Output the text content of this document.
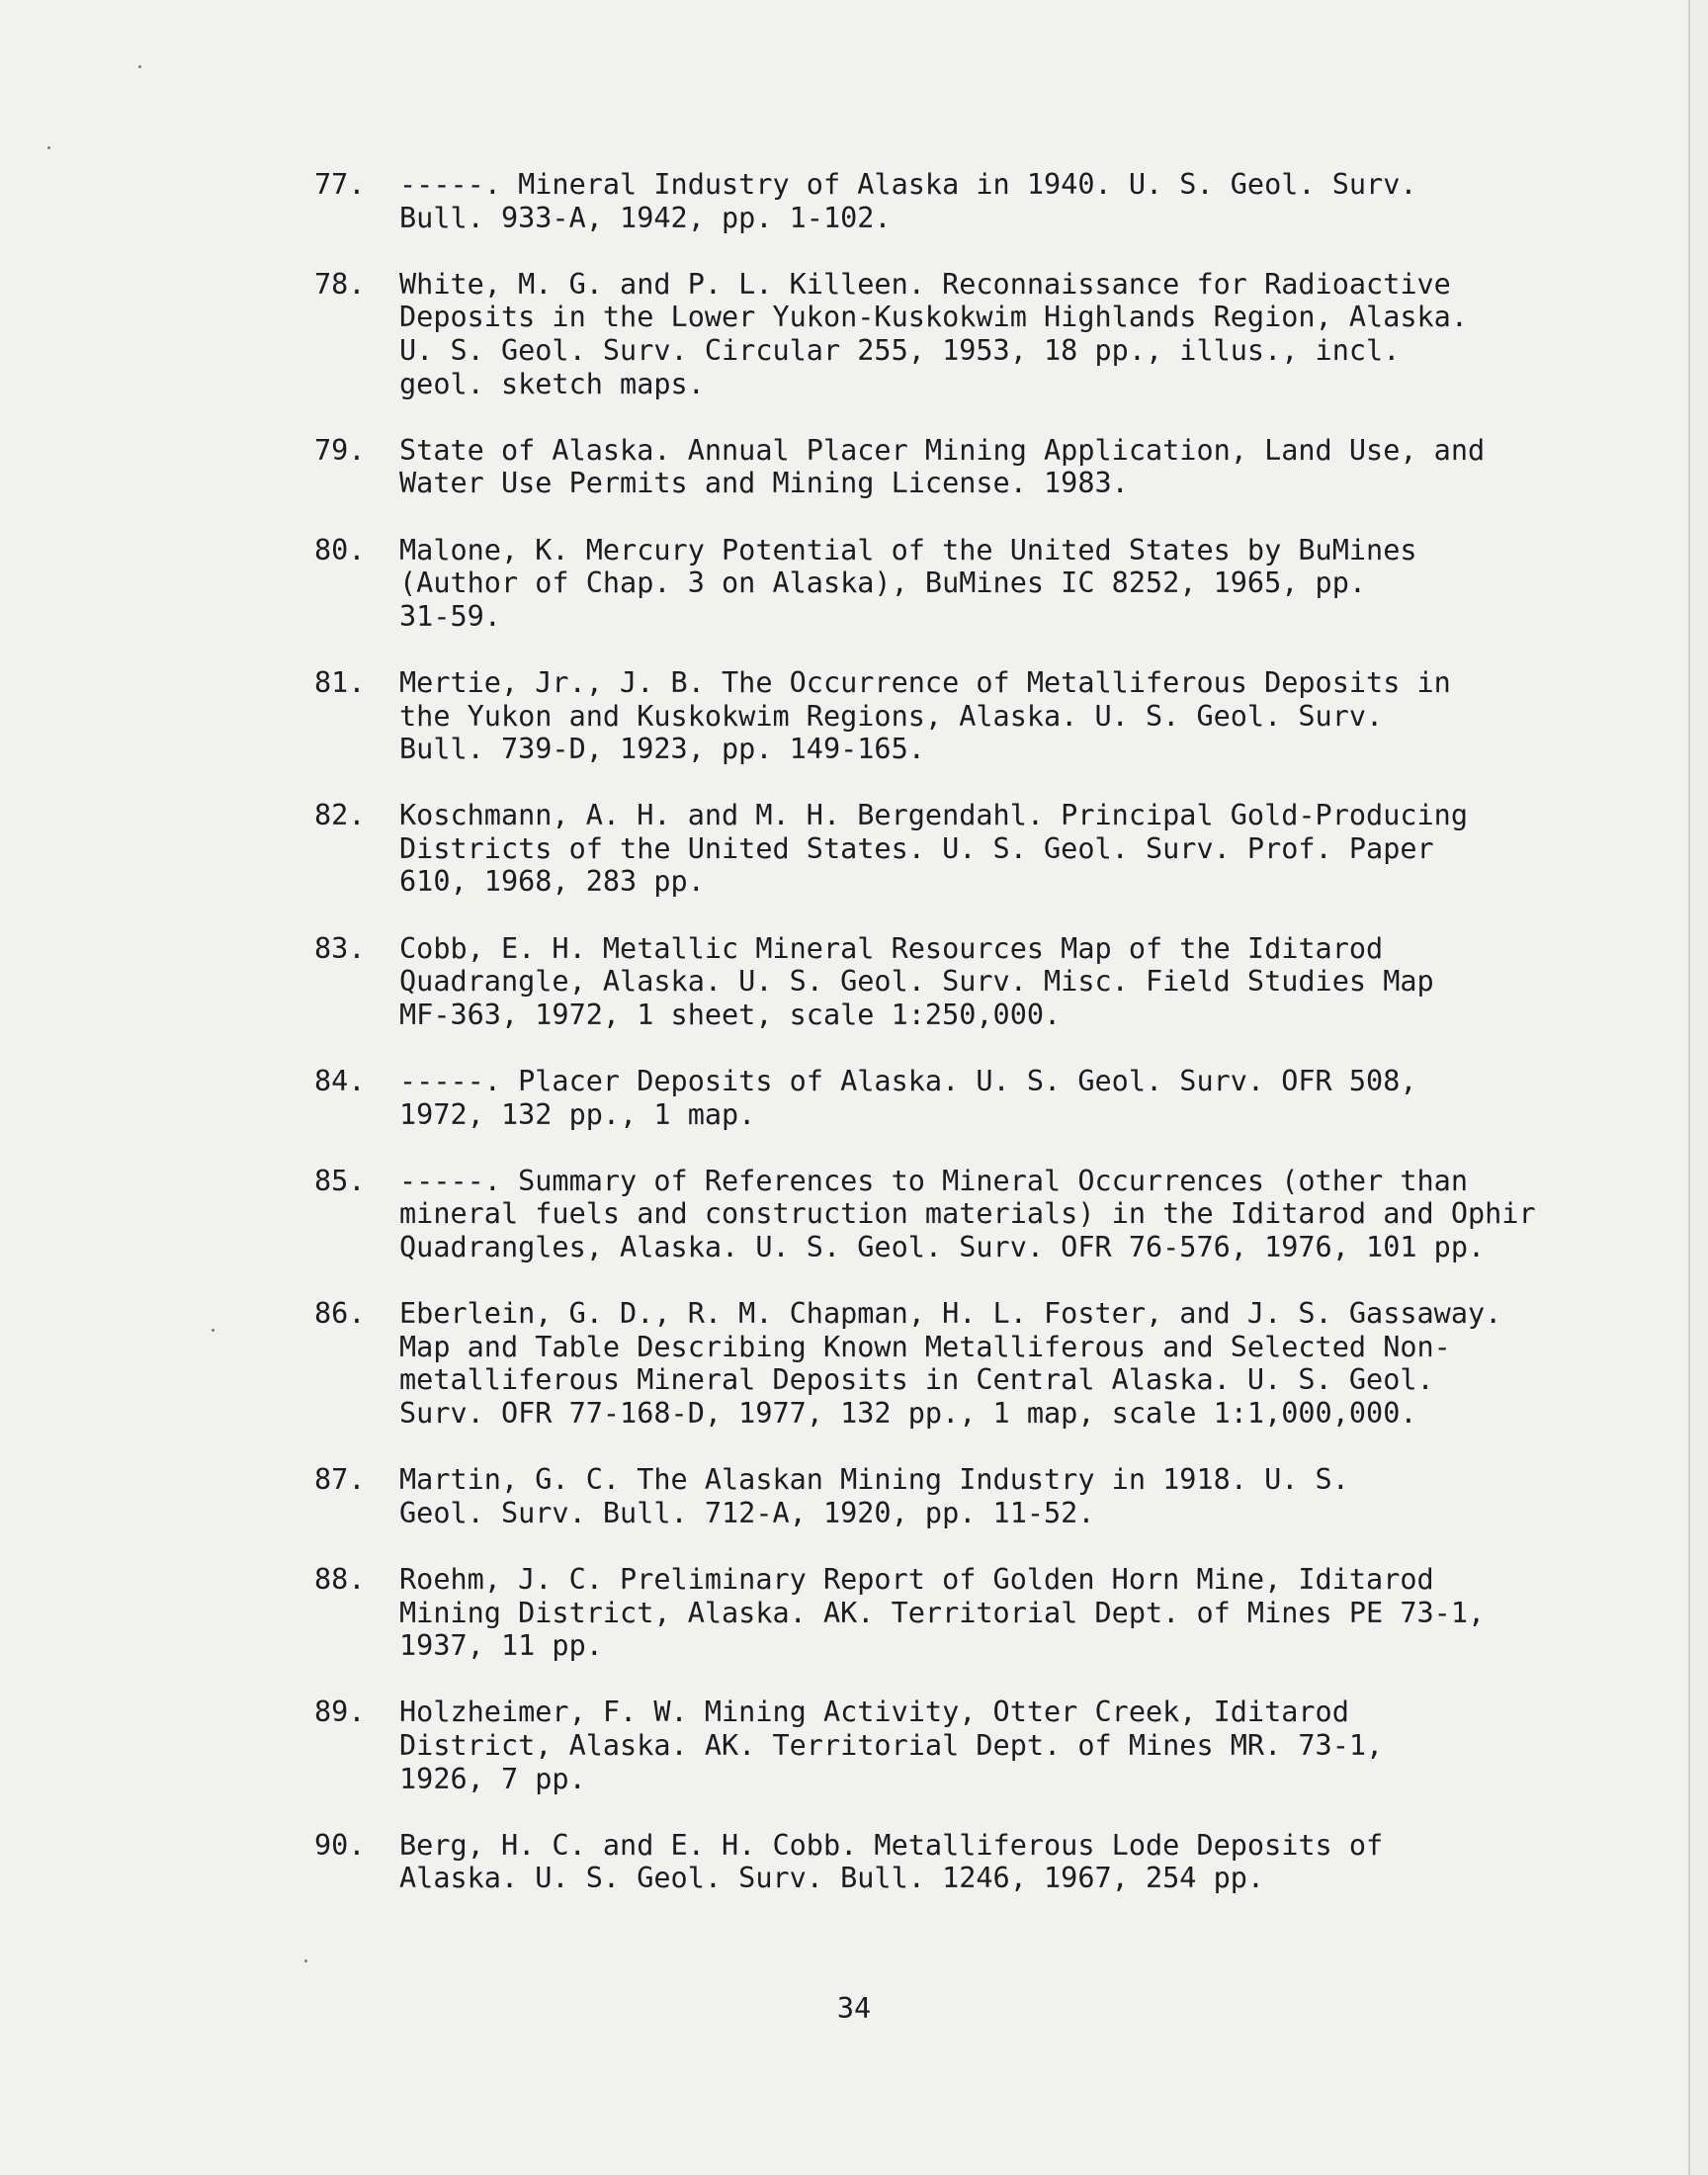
77.	-----. Mineral Industry of Alaska in 1940. U. S. Geol. Surv.
Bull. 933-A, 1942, pp. 1-102.
78.	White, M. G. and P. L. Killeen. Reconnaissance for Radioactive
Deposits in the Lower Yukon-Kuskokwim Highlands Region, Alaska.
U. S. Geol. Surv. Circular 255, 1953, 18 pp., illus., incl.
geol. sketch maps.
79.	State of Alaska. Annual Placer Mining Application, Land Use, and
Water Use Permits and Mining License. 1983.
80.	Malone, K. Mercury Potential of the United States by BuMines
(Author of Chap. 3 on Alaska), BuMines IC 8252, 1965, pp.
31-59.
81.	Mertie, Jr., J. B. The Occurrence of Metalliferous Deposits in
the Yukon and Kuskokwim Regions, Alaska. U. S. Geol. Surv.
Bull. 739-D, 1923, pp. 149-165.
82.	Koschmann, A. H. and M. H. Bergendahl. Principal Gold-Producing
Districts of the United States. U. S. Geol. Surv. Prof. Paper
610, 1968, 283 pp.
83.	Cobb, E. H. Metallic Mineral Resources Map of the Iditarod
Quadrangle, Alaska. U. S. Geol. Surv. Misc. Field Studies Map
MF-363, 1972, 1 sheet, scale 1:250,000.
84.	-----. Placer Deposits of Alaska. U. S. Geol. Surv. OFR 508,
1972, 132 pp., 1 map.
85.	-----. Summary of References to Mineral Occurrences (other than
mineral fuels and construction materials) in the Iditarod and Ophir
Quadrangles, Alaska. U. S. Geol. Surv. OFR 76-576, 1976, 101 pp.
86.	Eberlein, G. D., R. M. Chapman, H. L. Foster, and J. S. Gassaway.
Map and Table Describing Known Metalliferous and Selected Non-
metalliferous Mineral Deposits in Central Alaska. U. S. Geol.
Surv. OFR 77-168-D, 1977, 132 pp., 1 map, scale 1:1,000,000.
87.	Martin, G. C. The Alaskan Mining Industry in 1918. U. S.
Geol. Surv. Bull. 712-A, 1920, pp. 11-52.
88.	Roehm, J. C. Preliminary Report of Golden Horn Mine, Iditarod
Mining District, Alaska. AK. Territorial Dept. of Mines PE 73-1,
1937, 11 pp.
89.	Holzheimer, F. W. Mining Activity, Otter Creek, Iditarod
District, Alaska. AK. Territorial Dept. of Mines MR. 73-1,
1926, 7 pp.
90.	Berg, H. C. and E. H. Cobb. Metalliferous Lode Deposits of
Alaska. U. S. Geol. Surv. Bull. 1246, 1967, 254 pp.
34
